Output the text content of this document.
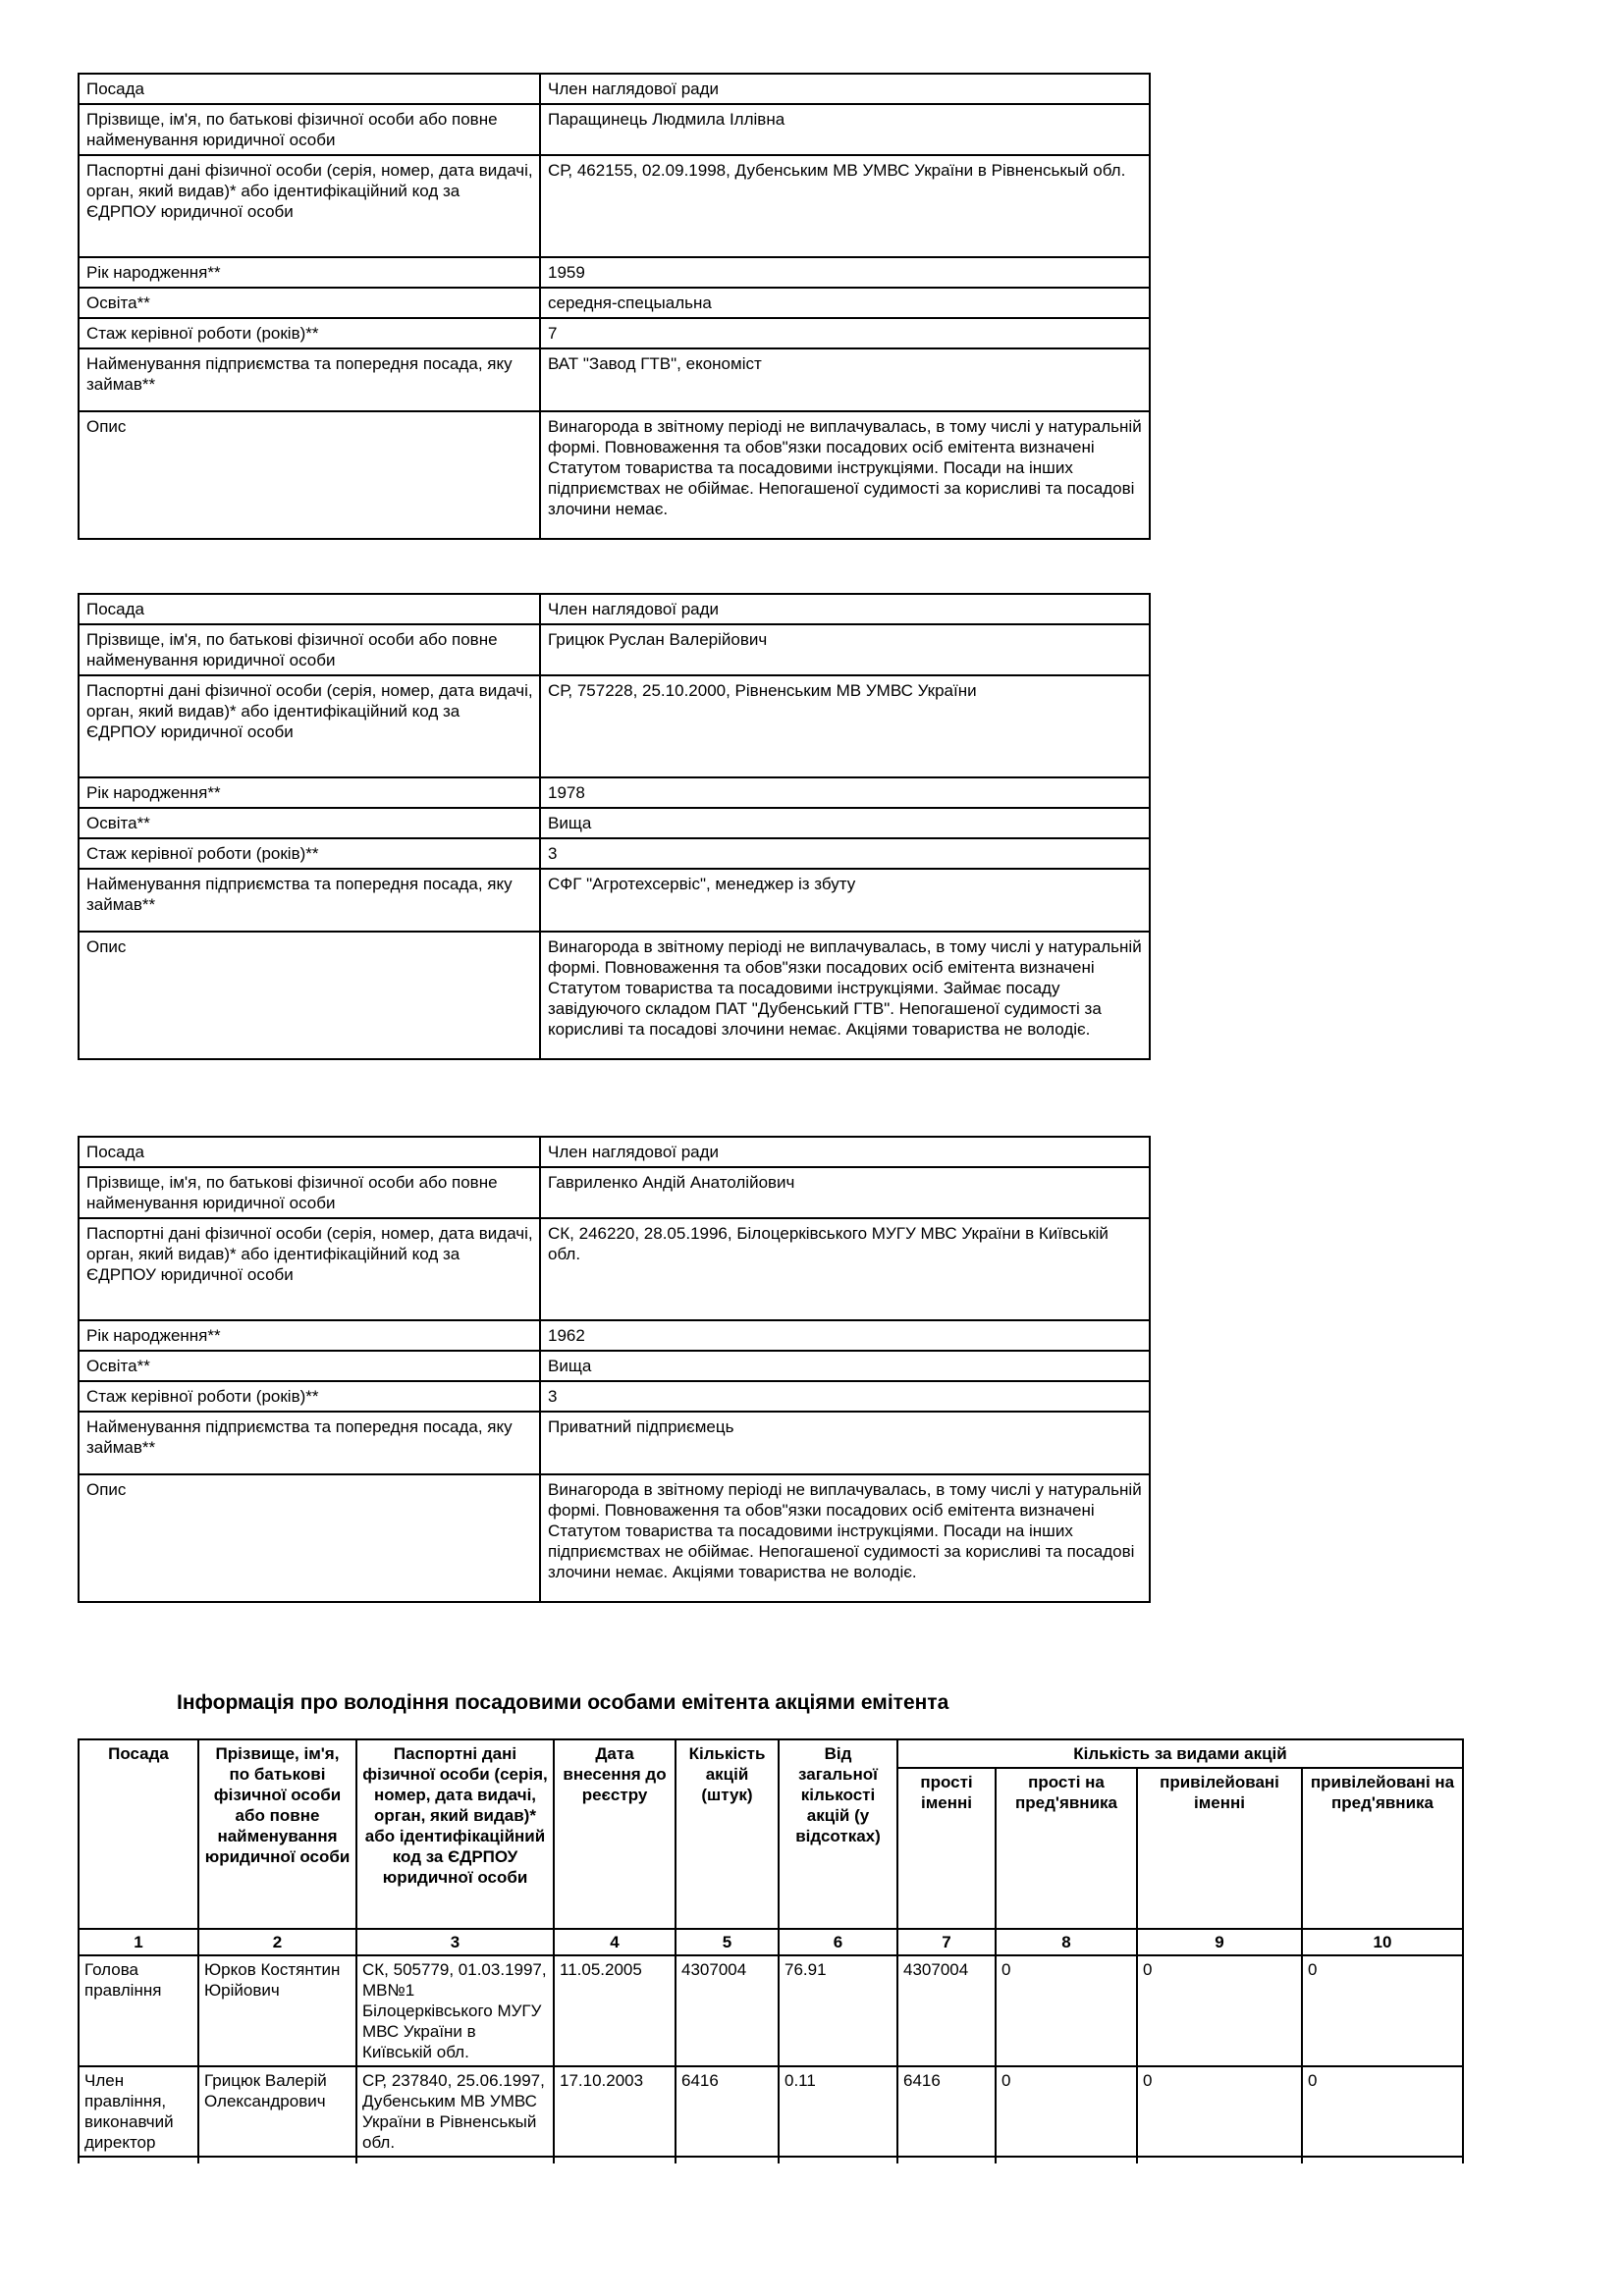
Посада	Член наглядової ради
Прізвище, ім'я, по батькові фізичної особи або повне найменування юридичної особи	Паращинець Людмила Іллівна
Паспортні дані фізичної особи (серія, номер, дата видачі, орган, який видав)* або ідентифікаційний код за ЄДРПОУ юридичної особи	СР, 462155, 02.09.1998, Дубенським МВ УМВС України в Рівненськый обл.
Рік народження**	1959
Освіта**	середня-спецыальна
Стаж керівної роботи (років)**	7
Найменування підприємства та попередня посада, яку займав**	ВАТ "Завод ГТВ", економіст
Опис	Винагорода в звітному періоді не виплачувалась, в тому числі у натуральній формі. Повноваження та обов"язки посадових осіб емітента визначені Статутом товариства та посадовими інструкціями. Посади на інших підприємствах не обіймає. Непогашеної судимості за корисливі та посадові злочини немає.
Посада	Член наглядової ради
Прізвище, ім'я, по батькові фізичної особи або повне найменування юридичної особи	Грицюк Руслан Валерійович
Паспортні дані фізичної особи (серія, номер, дата видачі, орган, який видав)* або ідентифікаційний код за ЄДРПОУ юридичної особи	СР, 757228, 25.10.2000, Рівненським МВ УМВС України
Рік народження**	1978
Освіта**	Вища
Стаж керівної роботи (років)**	3
Найменування підприємства та попередня посада, яку займав**	СФГ "Агротехсервіс", менеджер із збуту
Опис	Винагорода в звітному періоді не виплачувалась, в тому числі у натуральній формі. Повноваження та обов"язки посадових осіб емітента визначені Статутом товариства та посадовими інструкціями. Займає посаду завідуючого складом ПАТ "Дубенський ГТВ". Непогашеної судимості за корисливі та посадові злочини немає. Акціями товариства не володіє.
Посада	Член наглядової ради
Прізвище, ім'я, по батькові фізичної особи або повне найменування юридичної особи	Гавриленко Андій Анатолійович
Паспортні дані фізичної особи (серія, номер, дата видачі, орган, який видав)* або ідентифікаційний код за ЄДРПОУ юридичної особи	СК, 246220, 28.05.1996, Білоцерківського МУГУ МВС України в Київській обл.
Рік народження**	1962
Освіта**	Вища
Стаж керівної роботи (років)**	3
Найменування підприємства та попередня посада, яку займав**	Приватний підприємець
Опис	Винагорода в звітному періоді не виплачувалась, в тому числі у натуральній формі. Повноваження та обов"язки посадових осіб емітента визначені Статутом товариства та посадовими інструкціями. Посади на інших підприємствах не обіймає. Непогашеної судимості за корисливі та посадові злочини немає. Акціями товариства не володіє.
Інформація про володіння посадовими особами емітента акціями емітента
Посада	Прізвище, ім'я, по батькові фізичної особи або повне найменування юридичної особи	Паспортні дані фізичної особи (серія, номер, дата видачі, орган, який видав)* або ідентифікаційний код за ЄДРПОУ юридичної особи	Дата внесення до реєстру	Кількість акцій (штук)	Від загальної кількості акцій (у відсотках)	Кількість за видами акцій			
						прості іменні	прості на пред'явника	привілейовані іменні	привілейовані на пред'явника
1	2	3	4	5	6	7	8	9	10
Голова правління	Юрков Костянтин Юрійович	СК, 505779, 01.03.1997, МВ№1 Білоцерківського МУГУ МВС України в Київській обл.	11.05.2005	4307004	76.91	4307004	0	0	0
Член правління, виконавчий директор	Грицюк Валерій Олександрович	СР, 237840, 25.06.1997, Дубенським МВ УМВС України в Рівненськый обл.	17.10.2003	6416	0.11	6416	0	0	0
